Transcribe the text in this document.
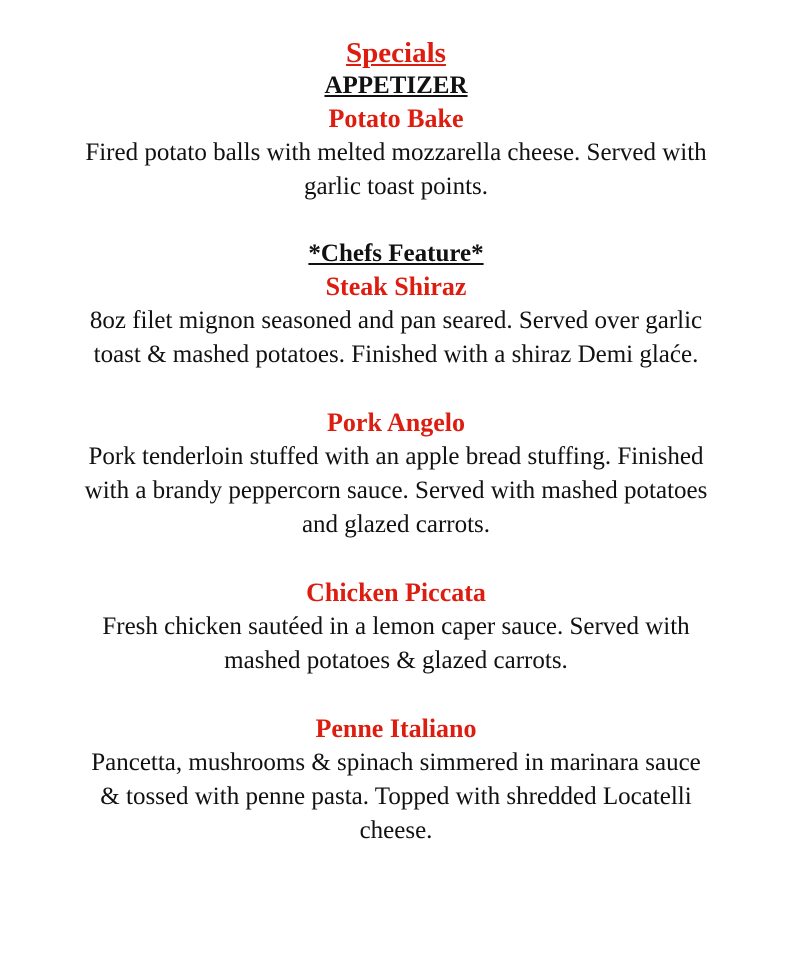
Specials
APPETIZER
Potato Bake
Fired potato balls with melted mozzarella cheese. Served with
garlic toast points.
*Chefs Feature*
Steak Shiraz
8oz filet mignon seasoned and pan seared. Served over garlic
toast & mashed potatoes. Finished with a shiraz Demi glaće.
Pork Angelo
Pork tenderloin stuffed with an apple bread stuffing. Finished
with a brandy peppercorn sauce. Served with mashed potatoes
and glazed carrots.
Chicken Piccata
Fresh chicken sautéed in a lemon caper sauce. Served with
mashed potatoes & glazed carrots.
Penne Italiano
Pancetta, mushrooms & spinach simmered in marinara sauce
& tossed with penne pasta. Topped with shredded Locatelli
cheese.
